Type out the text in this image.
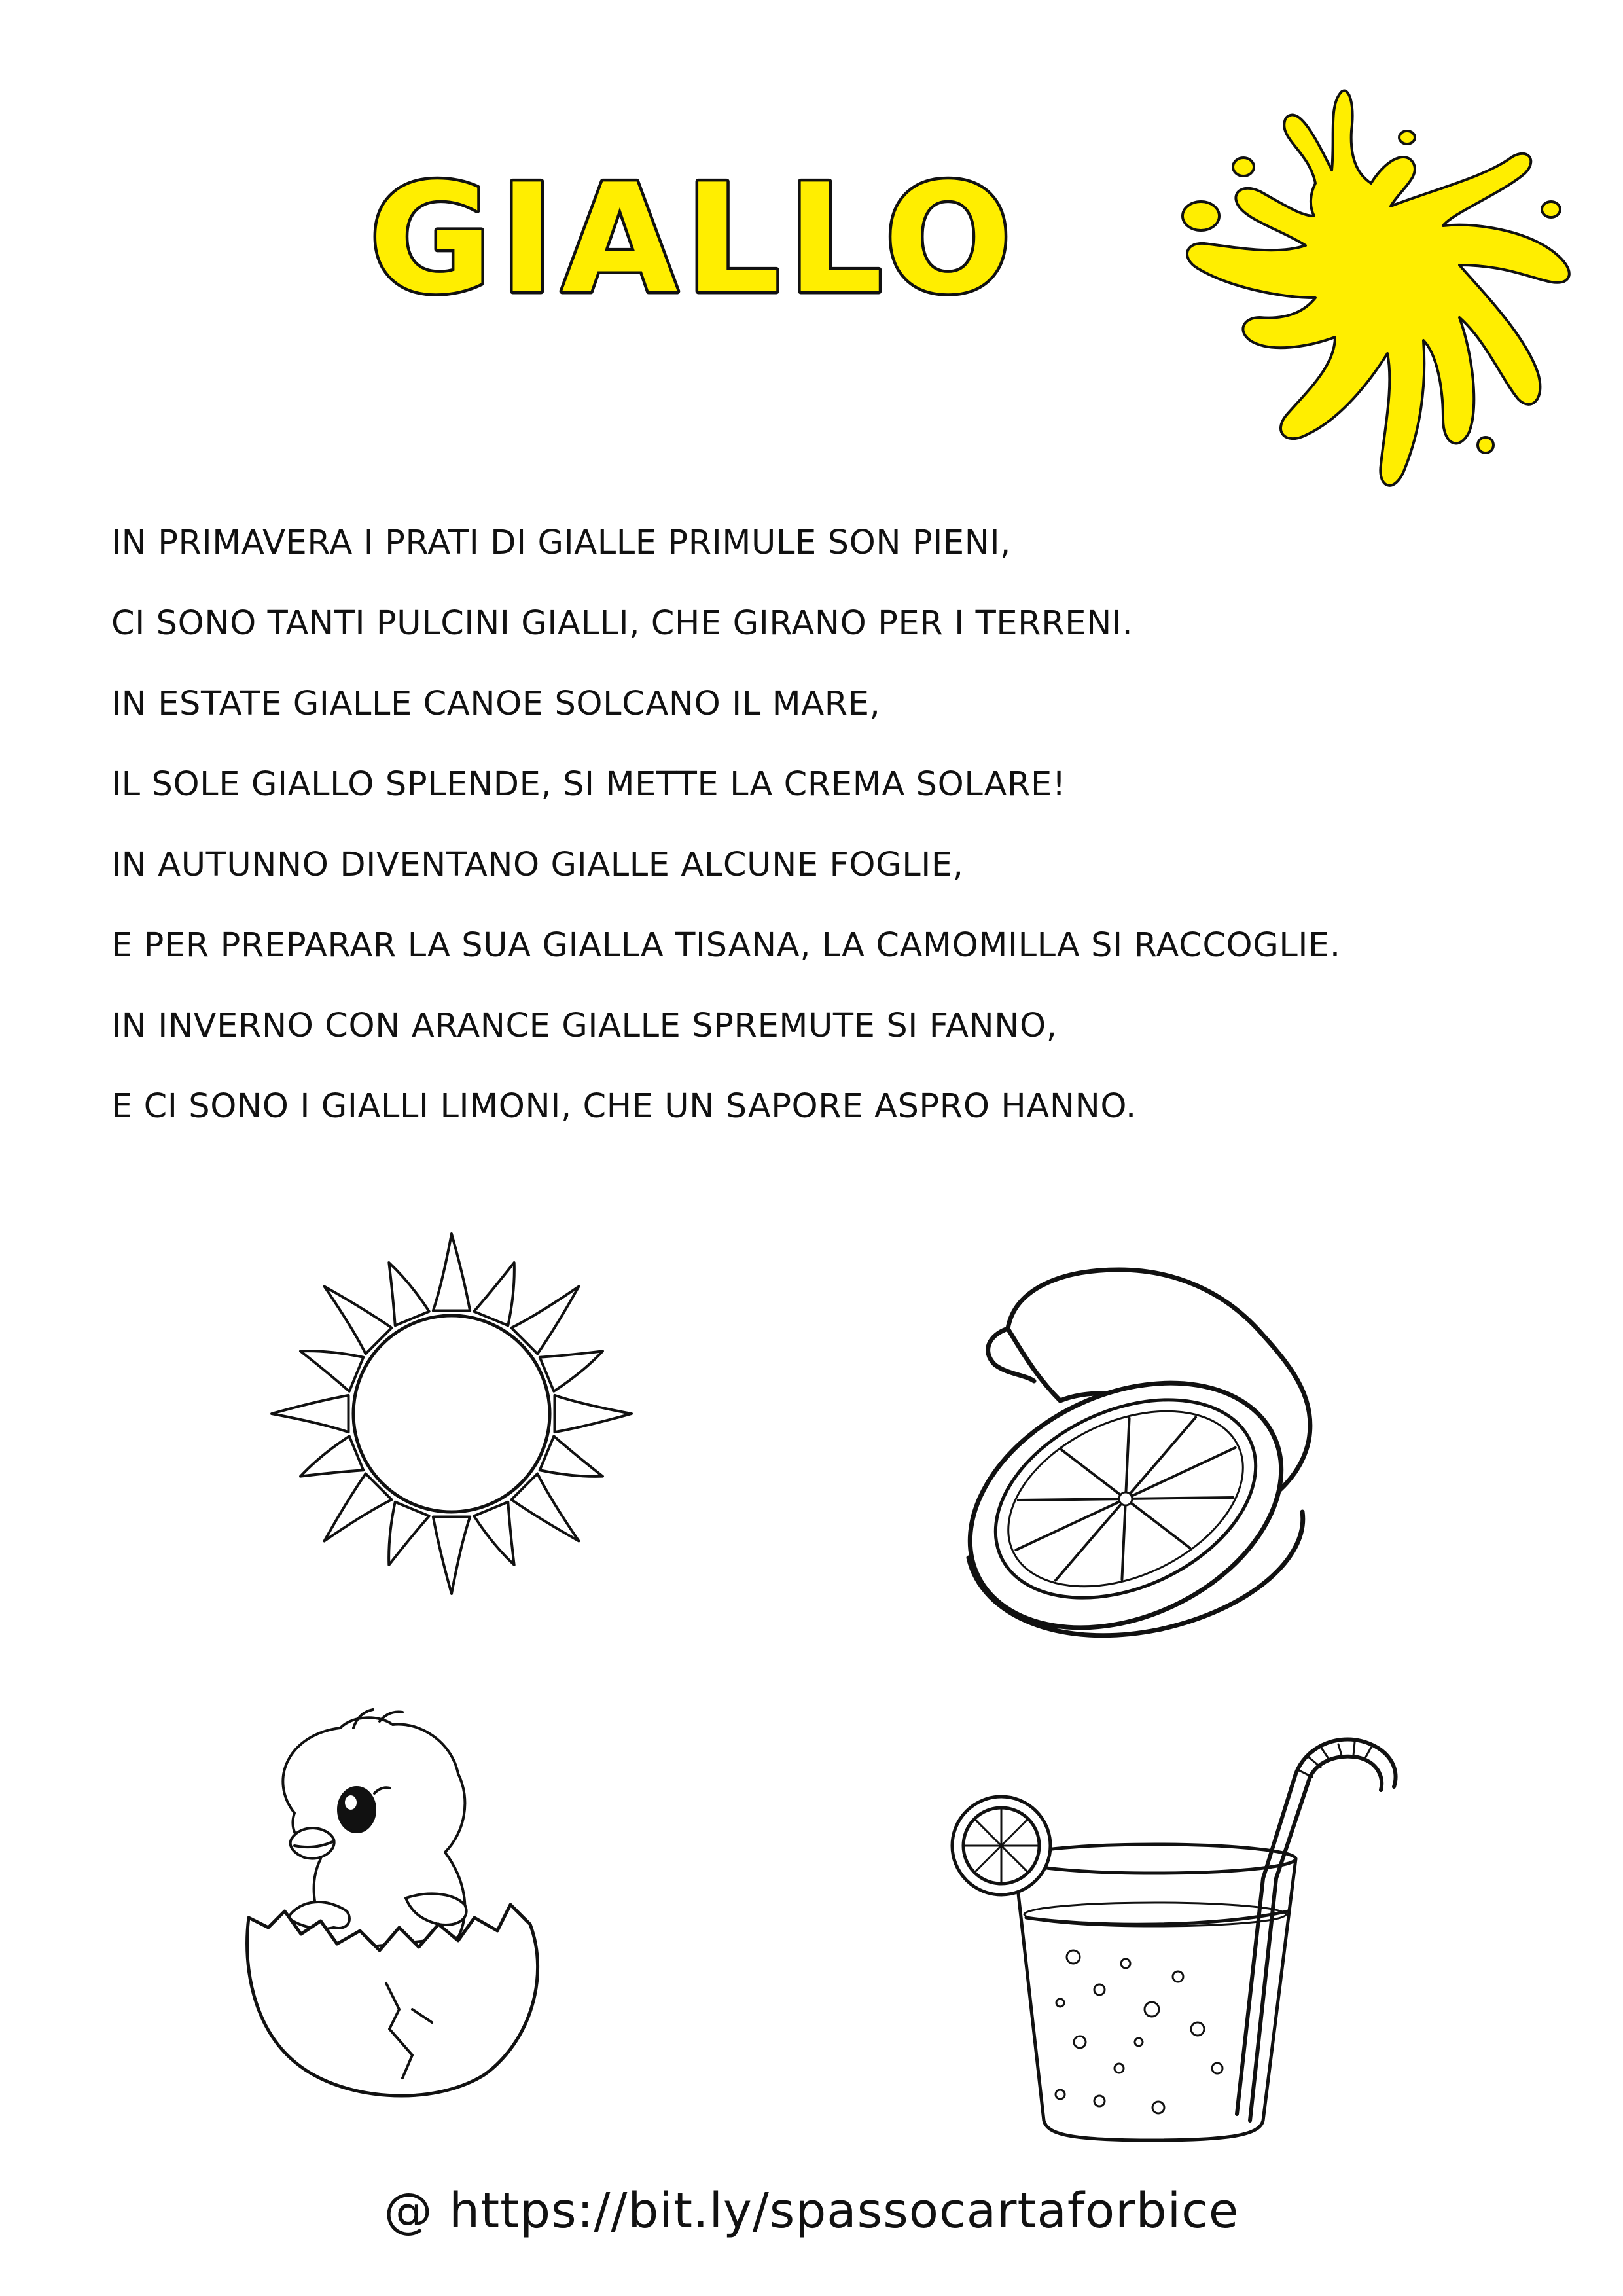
GIALLO
IN PRIMAVERA I PRATI DI GIALLE PRIMULE SON PIENI,
CI SONO TANTI PULCINI GIALLI, CHE GIRANO PER I TERRENI.
IN ESTATE GIALLE CANOE SOLCANO IL MARE,
IL SOLE GIALLO SPLENDE, SI METTE LA CREMA SOLARE!
IN AUTUNNO DIVENTANO GIALLE ALCUNE FOGLIE,
E PER PREPARAR LA SUA GIALLA TISANA, LA CAMOMILLA SI RACCOGLIE.
IN INVERNO CON ARANCE GIALLE SPREMUTE SI FANNO,
E CI SONO I GIALLI LIMONI, CHE UN SAPORE ASPRO HANNO.
@ https://bit.ly/spassocartaforbice
